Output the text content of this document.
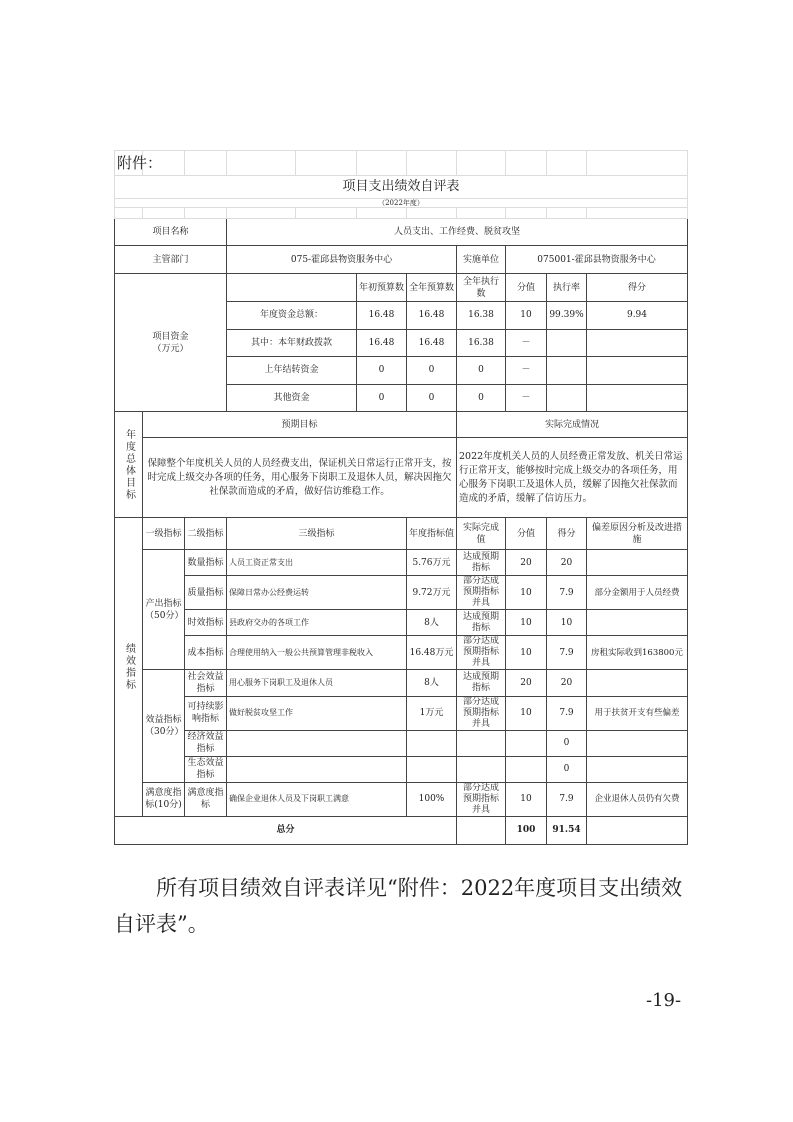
附件：										
项目支出绩效自评表										
（2022年度）										

项目名称			人员支出、工作经费、脱贫攻坚							
主管部门			075-霍邱县物资服务中心				实施单位	075001-霍邱县物资服务中心		
项目资金（万元）					年初预算数	全年预算数	全年执行数	分值	执行率	得分
			年度资金总额：		16.48	16.48	16.38	10	99.39%	9.94
			其中：本年财政拨款		16.48	16.48	16.38	－		
			上年结转资金		0	0	0	－		
			其他资金		0	0	0	－		
年度总体目标	预期目标						实际完成情况			
	保障整个年度机关人员的人员经费支出，保证机关日常运行正常开支，按时完成上级交办各项的任务，用心服务下岗职工及退休人员，解决因拖欠社保款而造成的矛盾，做好信访维稳工作。						2022年度机关人员的人员经费正常发放、机关日常运行正常开支，能够按时完成上级交办的各项任务，用心服务下岗职工及退休人员，缓解了因拖欠社保款而造成的矛盾，缓解了信访压力。			
绩效指标	一级指标	二级指标	三级指标			年度指标值	实际完成值	分值	得分	偏差原因分析及改进措施
	产出指标（50分）	数量指标	人员工资正常支出			5.76万元	达成预期指标	20	20	
		质量指标	保障日常办公经费运转			9.72万元	部分达成预期指标并具	10	7.9	部分金额用于人员经费
		时效指标	县政府交办的各项工作			8人	达成预期指标	10	10	
		成本指标	合理使用纳入一般公共预算管理非税收入			16.48万元	部分达成预期指标并具	10	7.9	房租实际收到163800元
	效益指标（30分）	社会效益指标	用心服务下岗职工及退休人员			8人	达成预期指标	20	20	
		可持续影响指标	做好脱贫攻坚工作			1万元	部分达成预期指标并具	10	7.9	用于扶贫开支有些偏差
		经济效益指标							0	
		生态效益指标							0	
	满意度指标(10分)	满意度指标	确保企业退休人员及下岗职工满意			100%	部分达成预期指标并具	10	7.9	企业退休人员仍有欠费
总分								100	91.54	
所有项目绩效自评表详见“附件：2022年度项目支出绩效自评表”。
-19-
